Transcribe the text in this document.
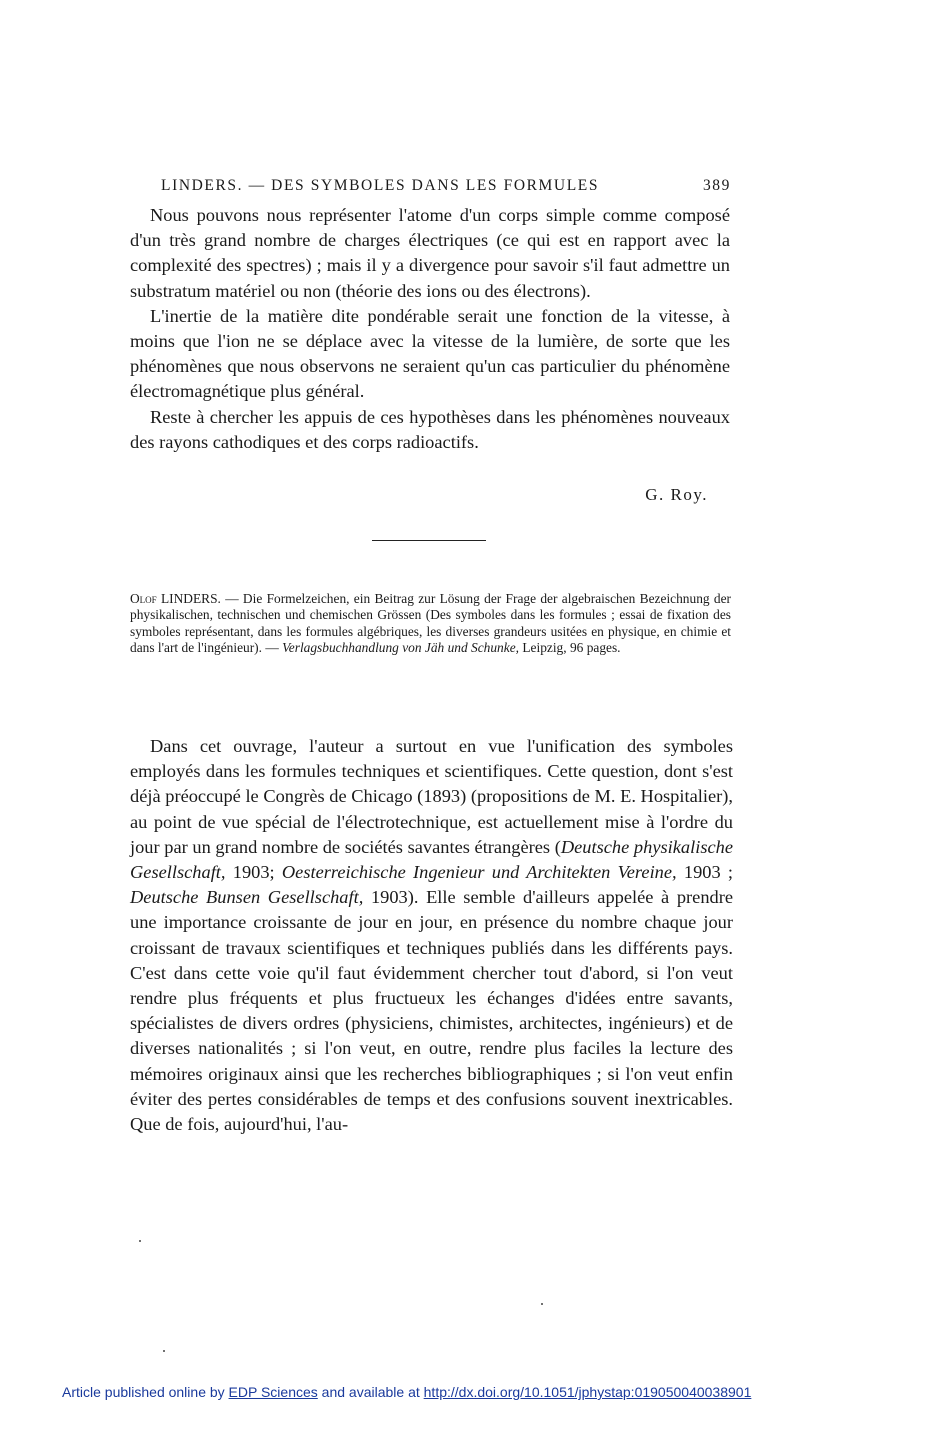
LINDERS. — DES SYMBOLES DANS LES FORMULES	389

Nous pouvons nous représenter l'atome d'un corps simple comme composé d'un très grand nombre de charges électriques (ce qui est en rapport avec la complexité des spectres) ; mais il y a divergence pour savoir s'il faut admettre un substratum matériel ou non (théorie des ions ou des électrons).

L'inertie de la matière dite pondérable serait une fonction de la vitesse, à moins que l'ion ne se déplace avec la vitesse de la lumière, de sorte que les phénomènes que nous observons ne seraient qu'un cas particulier du phénomène électromagnétique plus général.

Reste à chercher les appuis de ces hypothèses dans les phénomènes nouveaux des rayons cathodiques et des corps radioactifs.

G. Roy.
Olof LINDERS. — Die Formelzeichen, ein Beitrag zur Lösung der Frage der algebraischen Bezeichnung der physikalischen, technischen und chemischen Grössen (Des symboles dans les formules ; essai de fixation des symboles représentant, dans les formules algébriques, les diverses grandeurs usitées en physique, en chimie et dans l'art de l'ingénieur). — Verlagsbuchhandlung von Jäh und Schunke, Leipzig, 96 pages.

Dans cet ouvrage, l'auteur a surtout en vue l'unification des symboles employés dans les formules techniques et scientifiques. Cette question, dont s'est déjà préoccupé le Congrès de Chicago (1893) (propositions de M. E. Hospitalier), au point de vue spécial de l'électrotechnique, est actuellement mise à l'ordre du jour par un grand nombre de sociétés savantes étrangères (Deutsche physikalische Gesellschaft, 1903; Oesterreichische Ingenieur und Architekten Vereine, 1903 ; Deutsche Bunsen Gesellschaft, 1903). Elle semble d'ailleurs appelée à prendre une importance croissante de jour en jour, en présence du nombre chaque jour croissant de travaux scientifiques et techniques publiés dans les différents pays. C'est dans cette voie qu'il faut évidemment chercher tout d'abord, si l'on veut rendre plus fréquents et plus fructueux les échanges d'idées entre savants, spécialistes de divers ordres (physiciens, chimistes, architectes, ingénieurs) et de diverses nationalités ; si l'on veut, en outre, rendre plus faciles la lecture des mémoires originaux ainsi que les recherches bibliographiques ; si l'on veut enfin éviter des pertes considérables de temps et des confusions souvent inextricables. Que de fois, aujourd'hui, l'au-

Article published online by EDP Sciences and available at http://dx.doi.org/10.1051/jphystap:019050040038901
